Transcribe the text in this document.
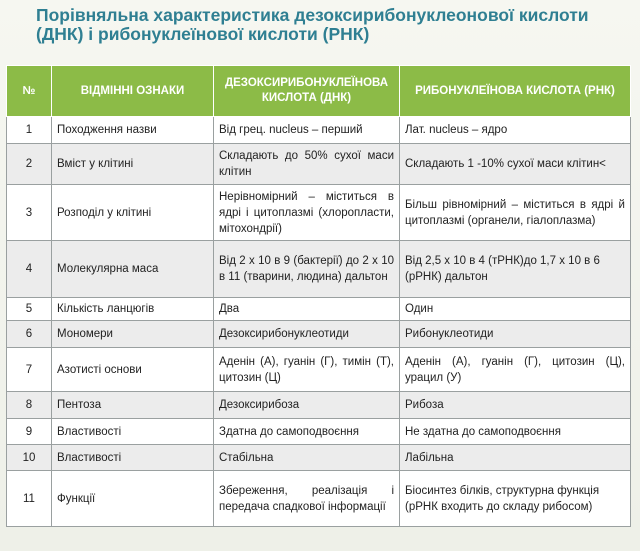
Порівняльна характеристика дезоксирибонуклеонової кислоти (ДНК) і рибонуклеїнової кислоти (РНК)
№	ВІДМІННІ ОЗНАКИ	ДЕЗОКСИРИБОНУКЛЕЇНОВА КИСЛОТА (ДНК)	РИБОНУКЛЕЇНОВА КИСЛОТА (РНК)
1	Походження назви	Від грец. nucleus – перший	Лат. nucleus – ядро
2	Вміст у клітині	Складають до 50% сухої маси клітин	Складають 1 -10% сухої маси клітин<
3	Розподіл у клітині	Нерівномірний – міститься в ядрі і цитоплазмі (хлоропласти, мітохондрії)	Більш рівномірний – міститься в ядрі й цитоплазмі (органели, гіалоплазма)
4	Молекулярна маса	Від 2 х 10 в 9 (бактерії) до 2 х 10 в 11 (тварини, людина) дальтон	Від 2,5 х 10 в 4 (тРНК)до 1,7 х 10 в 6 (рРНК) дальтон
5	Кількість ланцюгів	Два	Один
6	Мономери	Дезоксирибонуклеотиди	Рибонуклеотиди
7	Азотисті основи	Аденін (А), гуанін (Г), тимін (Т), цитозин (Ц)	Аденін (А), гуанін (Г), цитозин (Ц), урацил (У)
8	Пентоза	Дезоксирибоза	Рибоза
9	Властивості	Здатна до самоподвоєння	Не здатна до самоподвоєння
10	Властивості	Стабільна	Лабільна
11	Функції	Збереження, реалізація і передача спадкової інформації	Біосинтез білків, структурна функція (рРНК входить до складу рибосом)
